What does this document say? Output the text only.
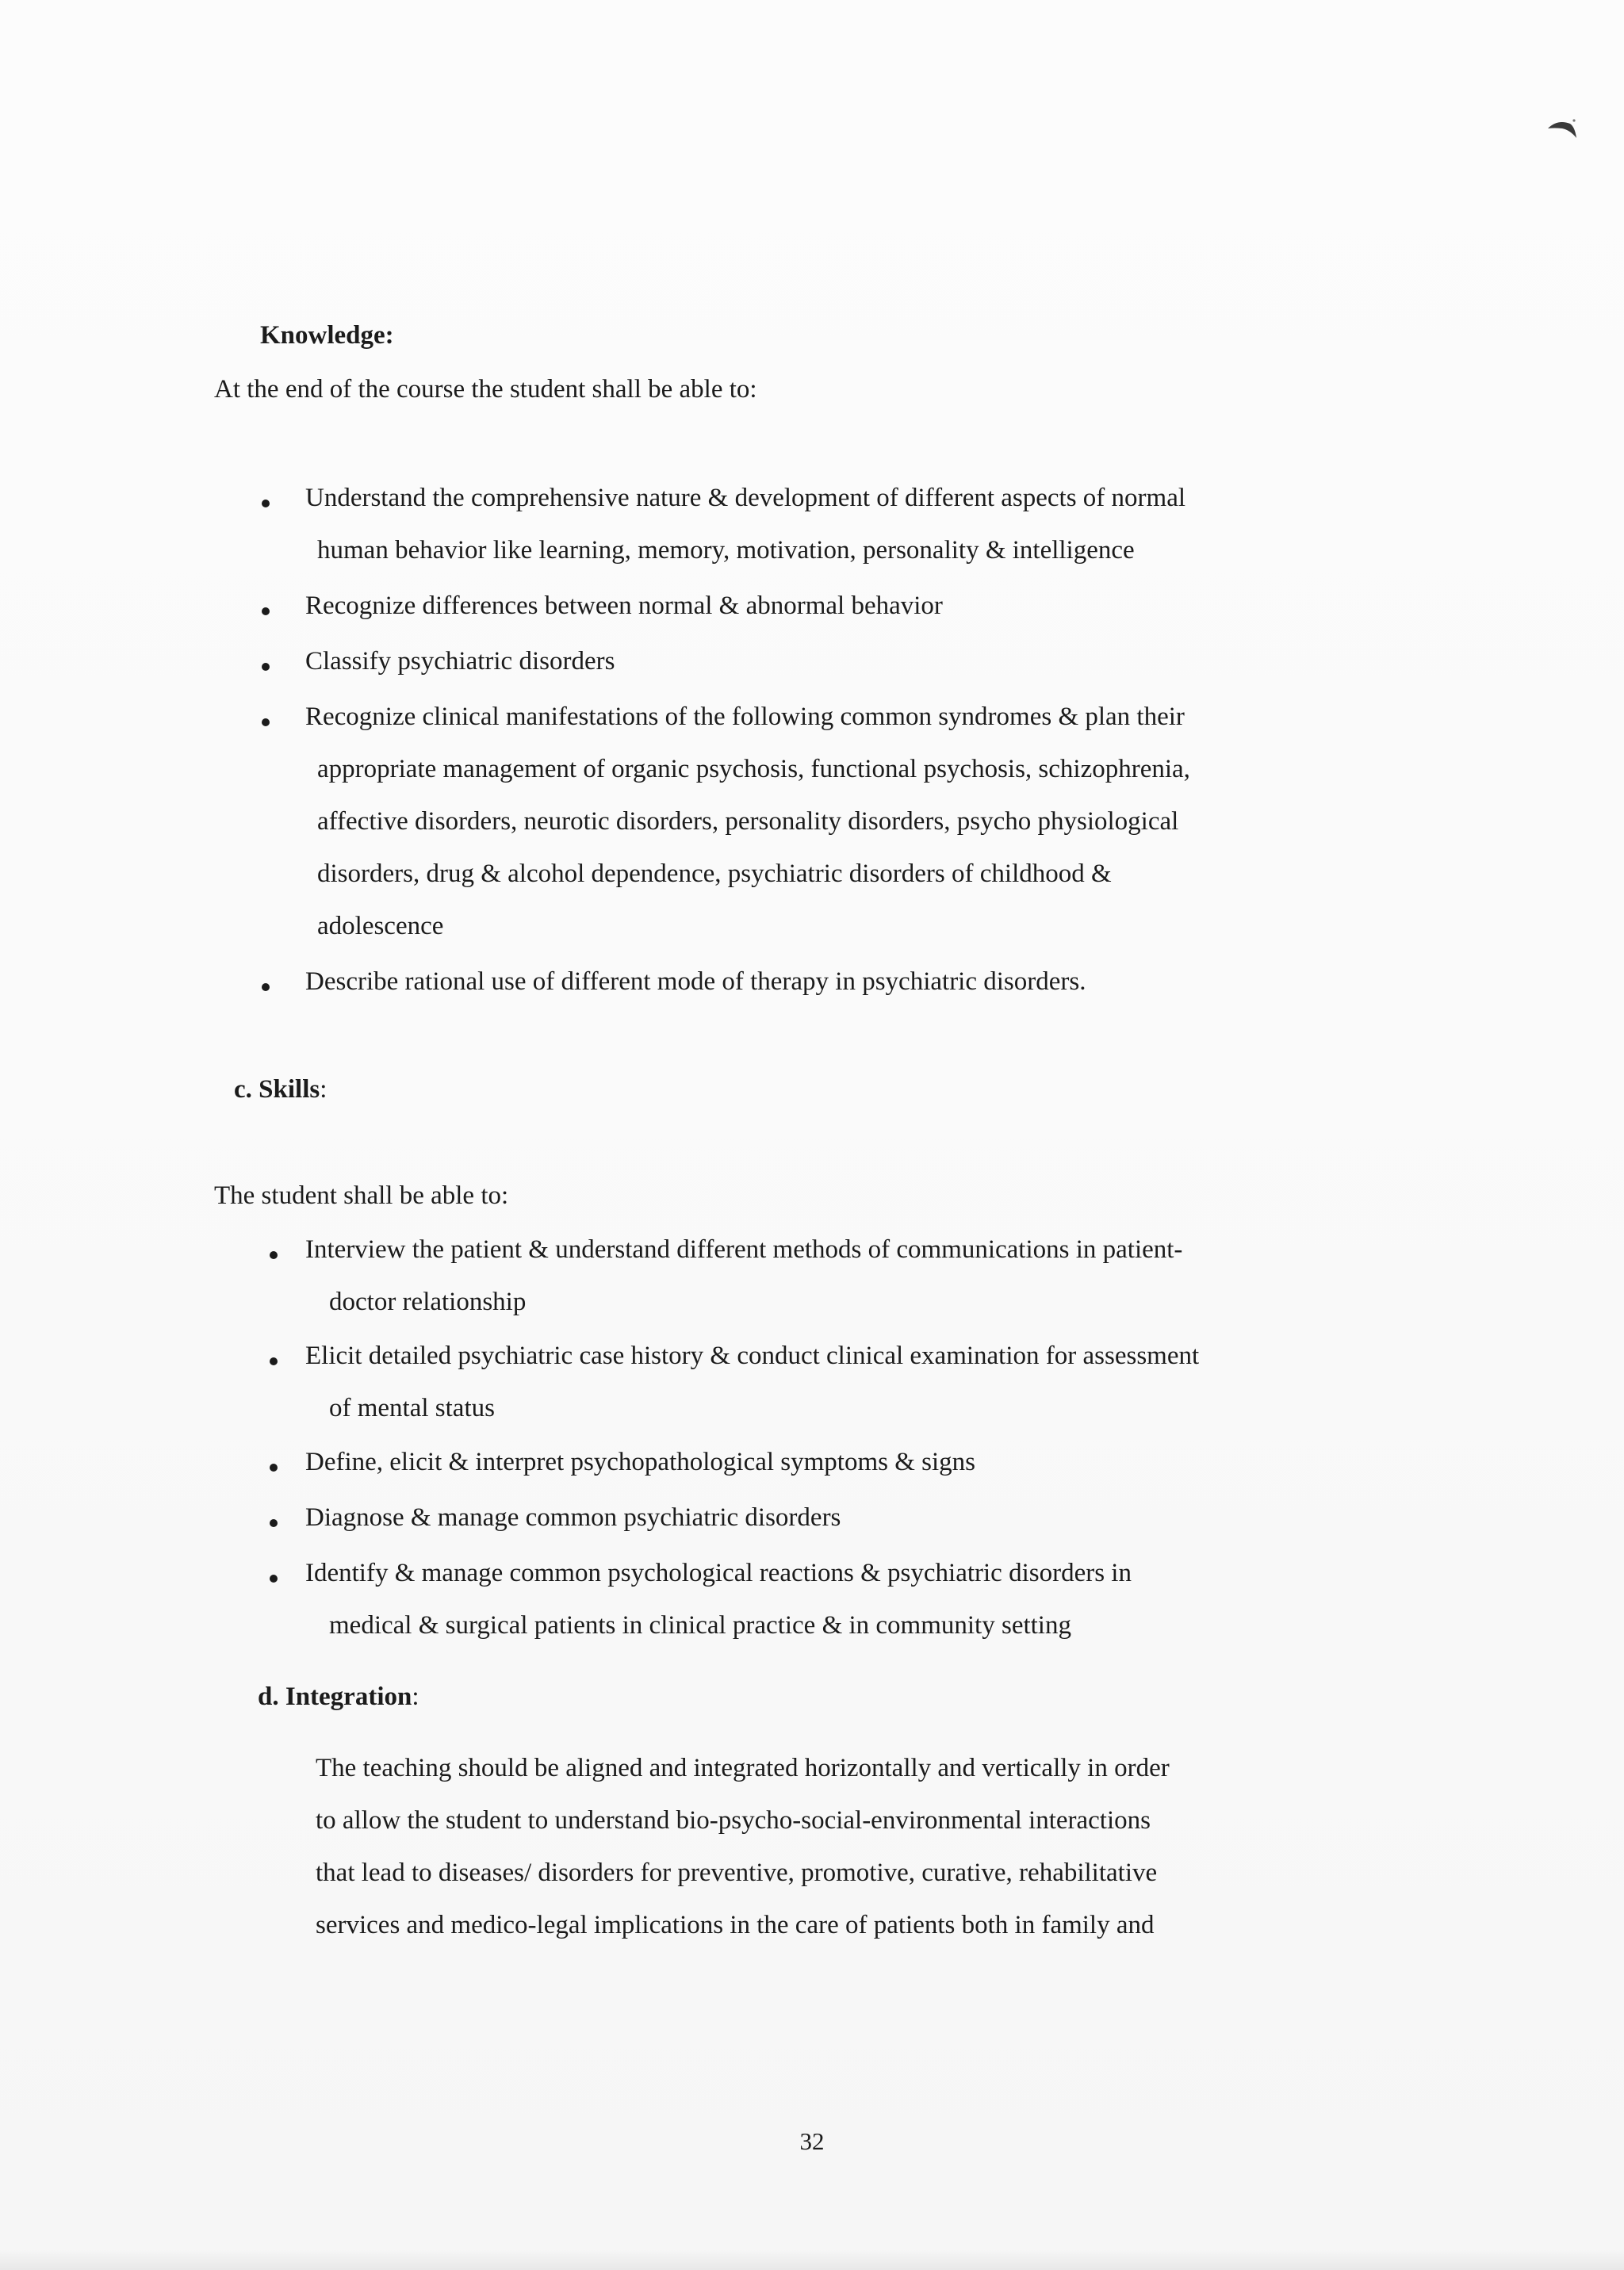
Knowledge:
At the end of the course the student shall be able to:
Understand the comprehensive nature & development of different aspects of normal
human behavior like learning, memory, motivation, personality & intelligence
Recognize differences between normal & abnormal behavior
Classify psychiatric disorders
Recognize clinical manifestations of the following common syndromes & plan their
appropriate management of organic psychosis, functional psychosis, schizophrenia,
affective disorders, neurotic disorders, personality disorders, psycho physiological
disorders, drug & alcohol dependence, psychiatric disorders of childhood &
adolescence
Describe rational use of different mode of therapy in psychiatric disorders.
c. Skills:
The student shall be able to:
Interview the patient & understand different methods of communications in patient-
doctor relationship
Elicit detailed psychiatric case history & conduct clinical examination for assessment
of mental status
Define, elicit & interpret psychopathological symptoms & signs
Diagnose & manage common psychiatric disorders
Identify & manage common psychological reactions & psychiatric disorders in
medical & surgical patients in clinical practice & in community setting
d. Integration:
The teaching should be aligned and integrated horizontally and vertically in order
to allow the student to understand bio-psycho-social-environmental interactions
that lead to diseases/ disorders for preventive, promotive, curative, rehabilitative
services and medico-legal implications in the care of patients both in family and
32
